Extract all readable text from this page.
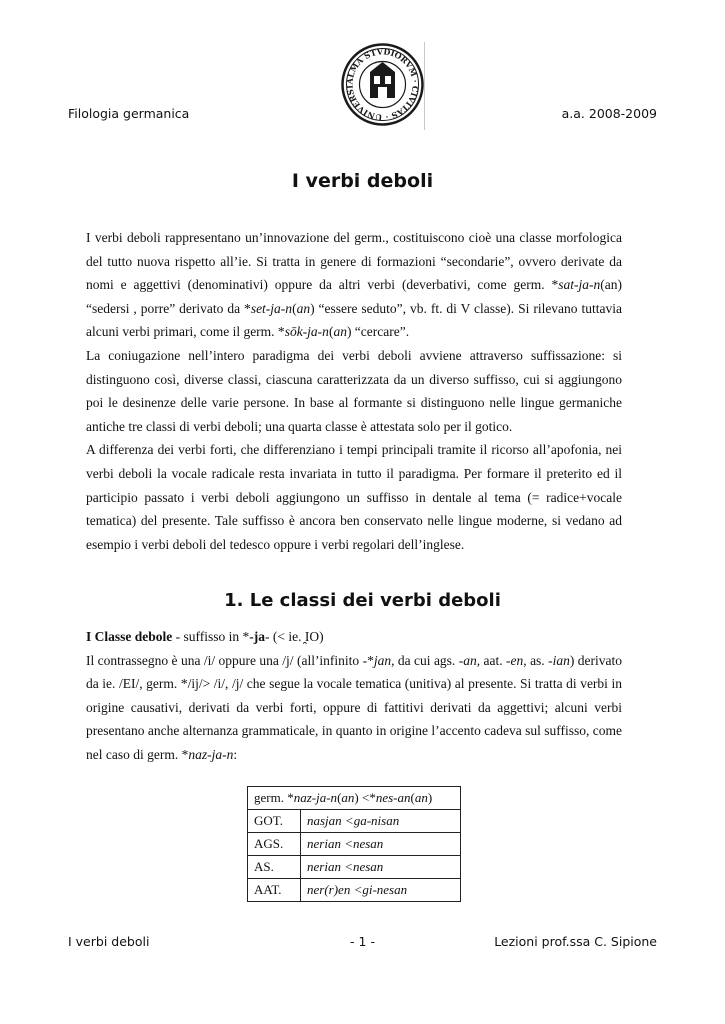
ALMA STVDIORVM · CIVITAS · UNIVERSI
Filologia germanica	a.a. 2008-2009
I verbi deboli

I verbi deboli rappresentano un’innovazione del germ., costituiscono cioè una classe morfologica del tutto nuova rispetto all’ie. Si tratta in genere di formazioni “secondarie”, ovvero derivate da nomi e aggettivi (denominativi) oppure da altri verbi (deverbativi, come germ. *sat-ja-n(an) “sedersi , porre” derivato da *set-ja-n(an) “essere seduto”, vb. ft. di V classe). Si rilevano tuttavia alcuni verbi primari, come il germ. *sōk-ja-n(an) “cercare”.

La coniugazione nell’intero paradigma dei verbi deboli avviene attraverso suffissazione: si distinguono così, diverse classi, ciascuna caratterizzata da un diverso suffisso, cui si aggiungono poi le desinenze delle varie persone. In base al formante si distinguono nelle lingue germaniche antiche tre classi di verbi deboli; una quarta classe è attestata solo per il gotico.

A differenza dei verbi forti, che differenziano i tempi principali tramite il ricorso all’apofonia, nei verbi deboli la vocale radicale resta invariata in tutto il paradigma. Per formare il preterito ed il participio passato i verbi deboli aggiungono un suffisso in dentale al tema (= radice+vocale tematica) del presente. Tale suffisso è ancora ben conservato nelle lingue moderne, si vedano ad esempio i verbi deboli del tedesco oppure i verbi regolari dell’inglese.

1. Le classi dei verbi deboli

I Classe debole - suffisso in *-ja- (< ie. ̯IO)

Il contrassegno è una /i/ oppure una /j/ (all’infinito -*jan, da cui ags. -an, aat. -en, as. -ian) derivato da ie. /EI/, germ. */ij/> /i/, /j/ che segue la vocale tematica (unitiva) al presente. Si tratta di verbi in origine causativi, derivati da verbi forti, oppure di fattitivi derivati da aggettivi; alcuni verbi presentano anche alternanza grammaticale, in quanto in origine l’accento cadeva sul suffisso, come nel caso di germ. *naz-ja-n:

germ. *naz-ja-n(an) <*nes-an(an)	
GOT.	nasjan <ga-nisan
AGS.	nerian <nesan
AS.	nerian <nesan
AAT.	ner(r)en <gi-nesan
I verbi deboli	- 1 -	Lezioni prof.ssa C. Sipione
